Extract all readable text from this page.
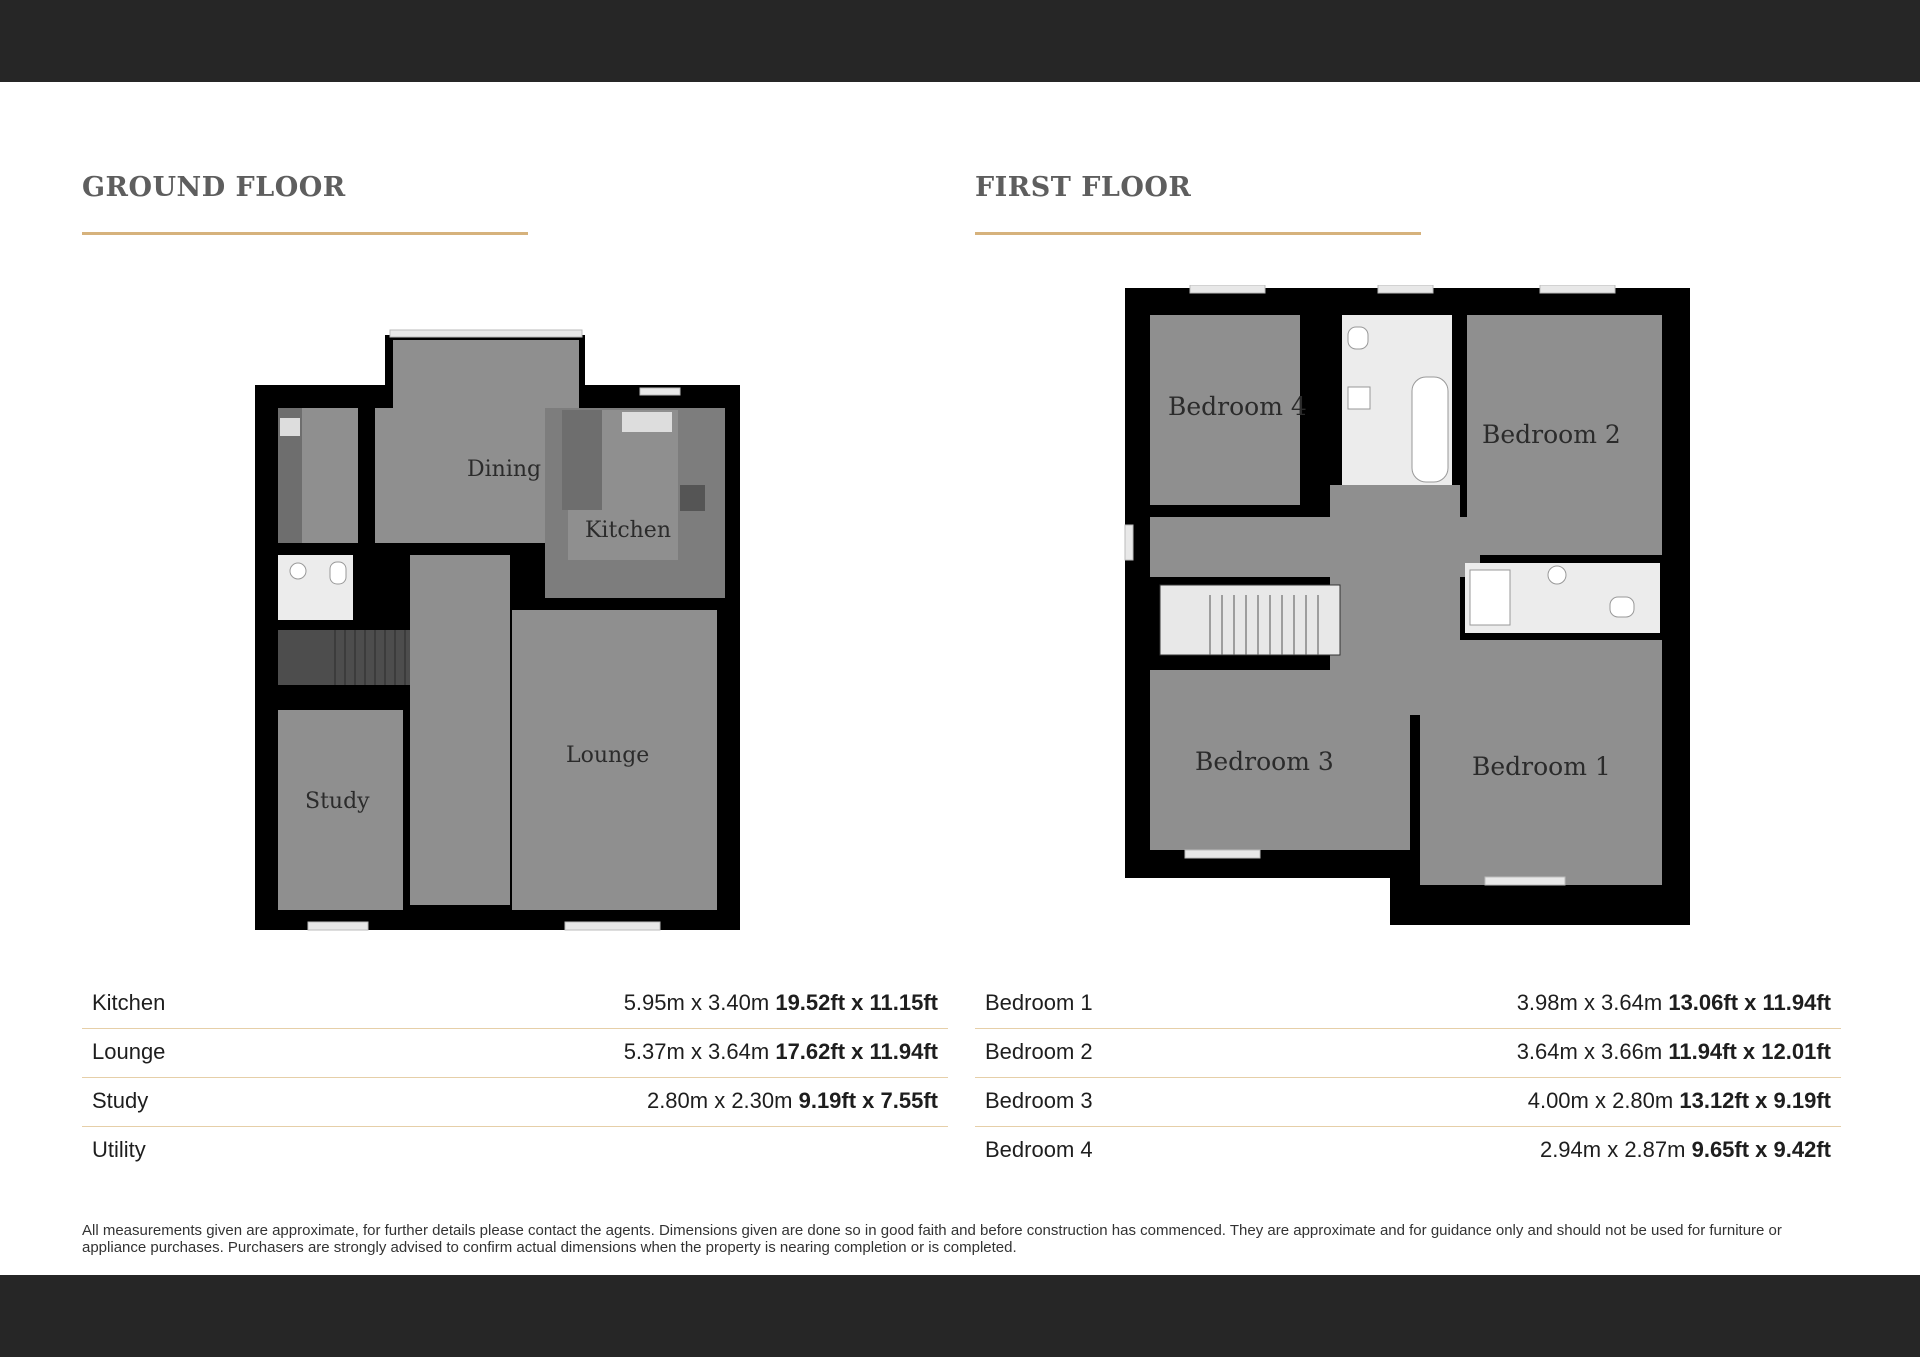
GROUND FLOOR
Dining
Kitchen
Lounge
Study
FIRST FLOOR
Bedroom 4
Bedroom 2
Bedroom 3	Bedroom 1
Kitchen	5.95m x 3.40m 19.52ft x 11.15ft
Lounge	5.37m x 3.64m 17.62ft x 11.94ft
Study	2.80m x 2.30m 9.19ft x 7.55ft
Utility
Bedroom 1	3.98m x 3.64m 13.06ft x 11.94ft
Bedroom 2	3.64m x 3.66m 11.94ft x 12.01ft
Bedroom 3	4.00m x 2.80m 13.12ft x 9.19ft
Bedroom 4	2.94m x 2.87m 9.65ft x 9.42ft
All measurements given are approximate, for further details please contact the agents. Dimensions given are done so in good faith and before construction has commenced. They are approximate and for guidance only and should not be used for furniture or appliance purchases. Purchasers are strongly advised to confirm actual dimensions when the property is nearing completion or is completed.
